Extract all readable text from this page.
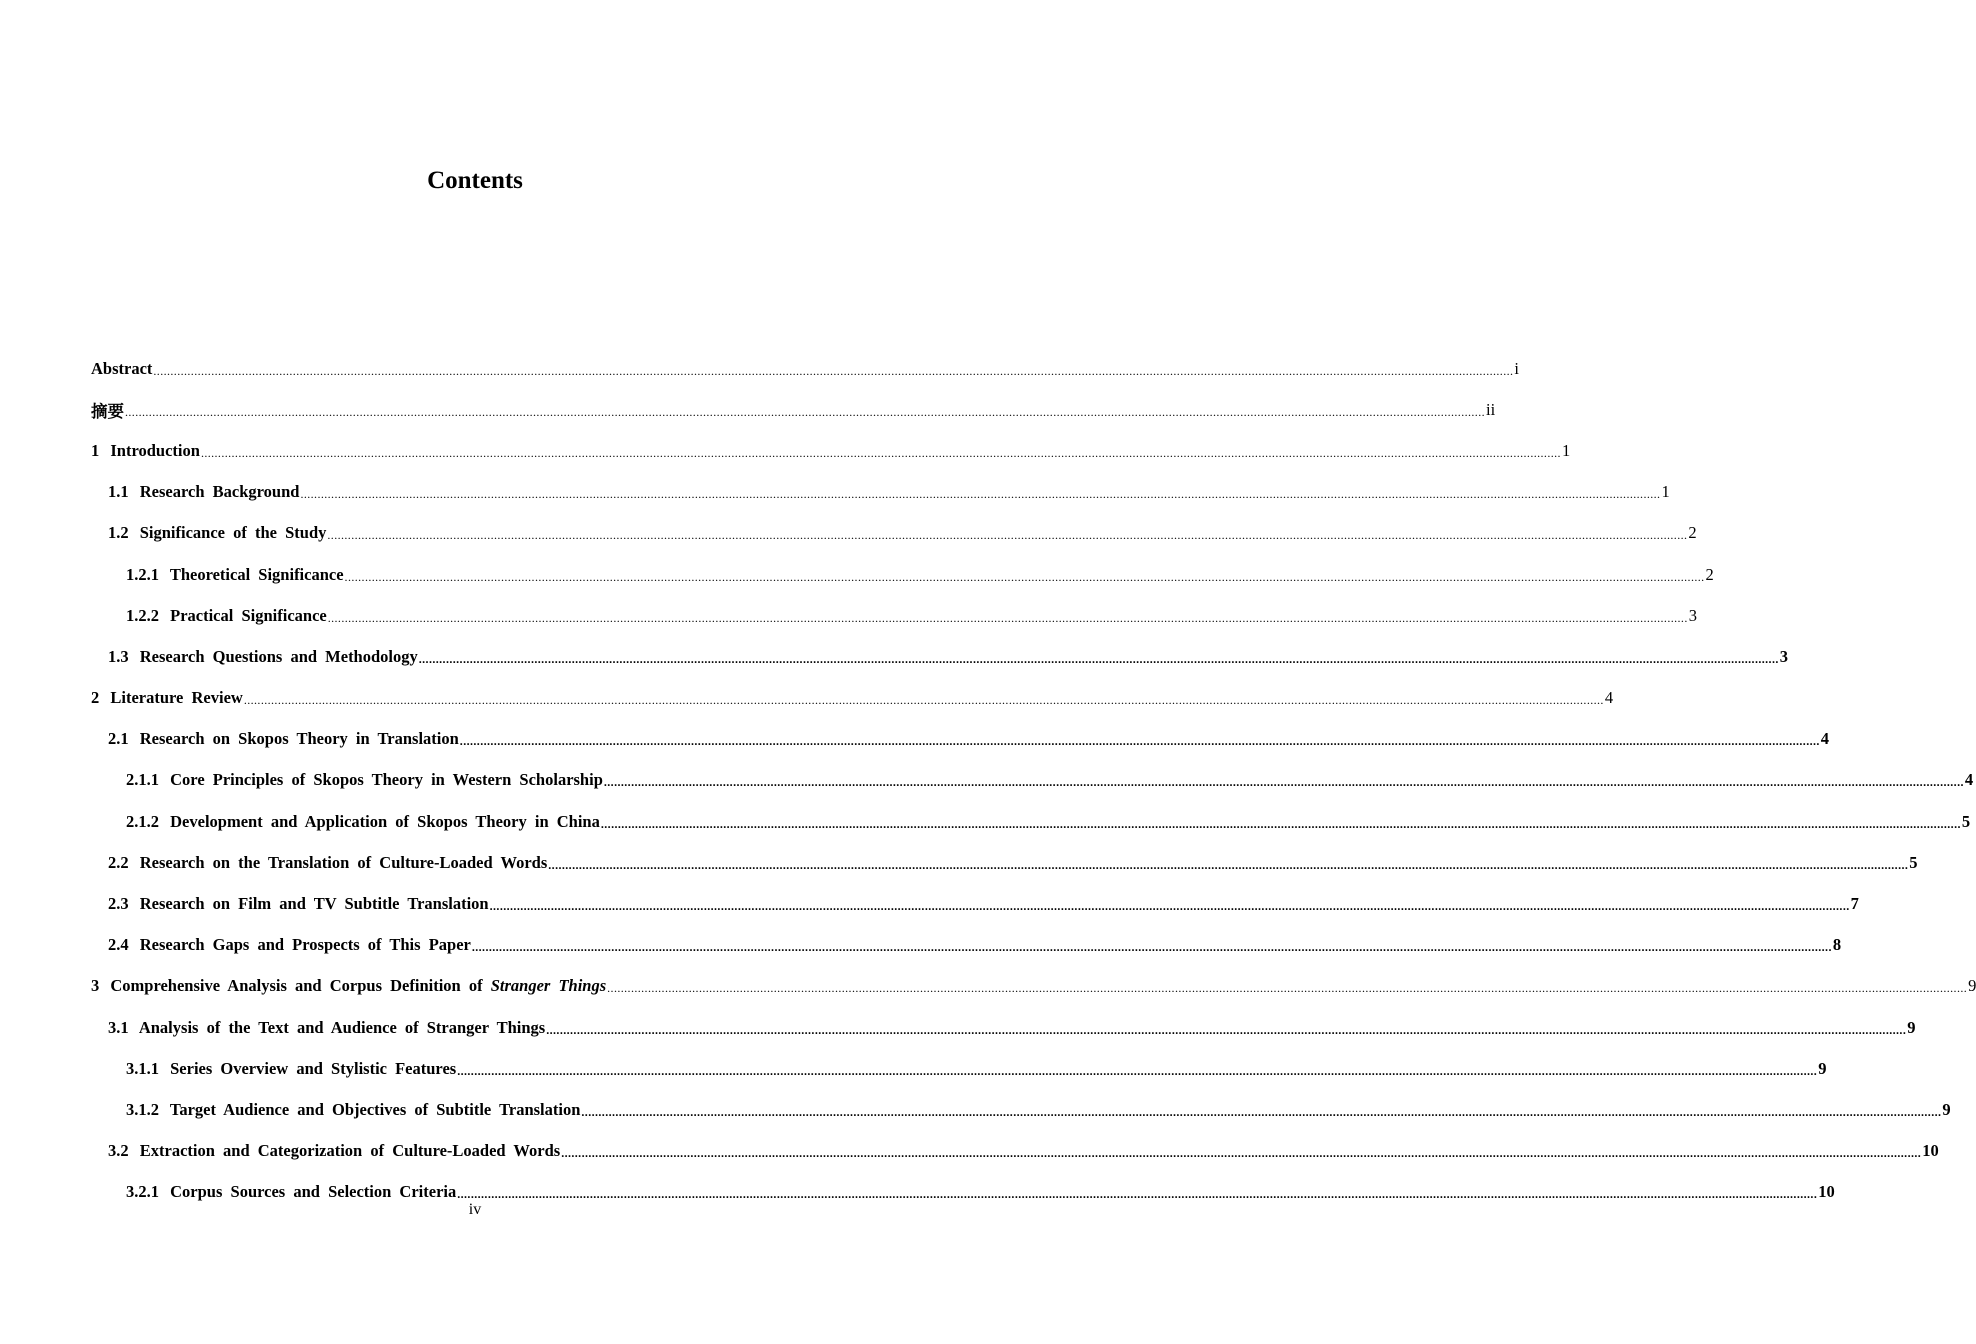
Contents
Abstract ................................................................................................................................................................................................................................................................................................................................................................................................................ i
摘要 ................................................................................................................................................................................................................................................................................................................................................................................................................ ii
1 Introduction ................................................................................................................................................................................................................................................................................................................................................................................................................ 1
1.1 Research Background ................................................................................................................................................................................................................................................................................................................................................................................................................ 1
1.2 Significance of the Study ................................................................................................................................................................................................................................................................................................................................................................................................................ 2
1.2.1 Theoretical Significance ................................................................................................................................................................................................................................................................................................................................................................................................................ 2
1.2.2 Practical Significance ................................................................................................................................................................................................................................................................................................................................................................................................................ 3
1.3 Research Questions and Methodology ................................................................................................................................................................................................................................................................................................................................................................................................................ 3
2 Literature Review ................................................................................................................................................................................................................................................................................................................................................................................................................ 4
2.1 Research on Skopos Theory in Translation ................................................................................................................................................................................................................................................................................................................................................................................................................ 4
2.1.1 Core Principles of Skopos Theory in Western Scholarship ................................................................................................................................................................................................................................................................................................................................................................................................................ 4
2.1.2 Development and Application of Skopos Theory in China ................................................................................................................................................................................................................................................................................................................................................................................................................ 5
2.2 Research on the Translation of Culture-Loaded Words ................................................................................................................................................................................................................................................................................................................................................................................................................ 5
2.3 Research on Film and TV Subtitle Translation ................................................................................................................................................................................................................................................................................................................................................................................................................ 7
2.4 Research Gaps and Prospects of This Paper ................................................................................................................................................................................................................................................................................................................................................................................................................ 8
3 Comprehensive Analysis and Corpus Definition of Stranger Things ................................................................................................................................................................................................................................................................................................................................................................................................................ 9
3.1 Analysis of the Text and Audience of Stranger Things ................................................................................................................................................................................................................................................................................................................................................................................................................ 9
3.1.1 Series Overview and Stylistic Features ................................................................................................................................................................................................................................................................................................................................................................................................................ 9
3.1.2 Target Audience and Objectives of Subtitle Translation ................................................................................................................................................................................................................................................................................................................................................................................................................ 9
3.2 Extraction and Categorization of Culture-Loaded Words ................................................................................................................................................................................................................................................................................................................................................................................................................ 10
3.2.1 Corpus Sources and Selection Criteria ................................................................................................................................................................................................................................................................................................................................................................................................................ 10
iv
